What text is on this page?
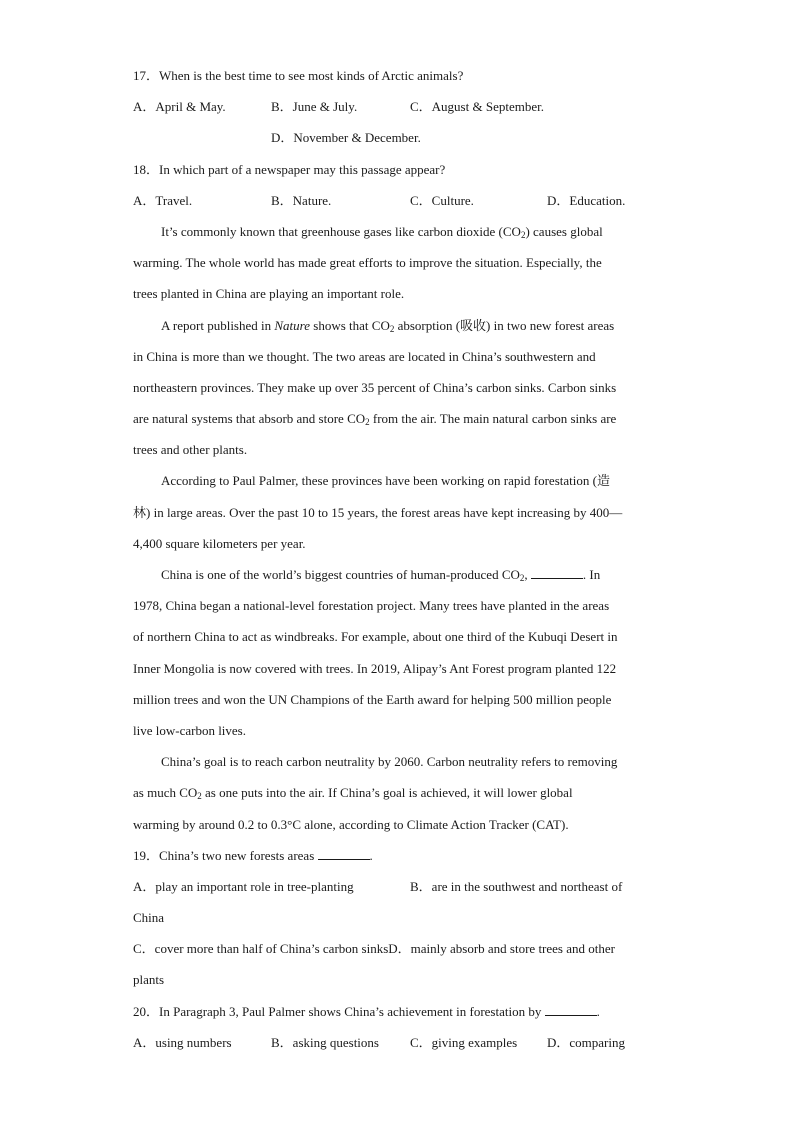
17．When is the best time to see most kinds of Arctic animals?
A．April & May.	B．June & July.	C．August & September.
D．November & December.
18．In which part of a newspaper may this passage appear?
A．Travel.	B．Nature.	C．Culture.	D．Education.
It’s commonly known that greenhouse gases like carbon dioxide $(CO_2)$ causes global
warming. The whole world has made great efforts to improve the situation. Especially, the
trees planted in China are playing an important role.
A report published in Nature shows that $CO_2$ absorption (吸收) in two new forest areas
in China is more than we thought. The two areas are located in China’s southwestern and
northeastern provinces. They make up over 35 percent of China’s carbon sinks. Carbon sinks
are natural systems that absorb and store $CO_2$ from the air. The main natural carbon sinks are
trees and other plants.
According to Paul Palmer, these provinces have been working on rapid forestation (造
林) in large areas. Over the past 10 to 15 years, the forest areas have kept increasing by 400—
4,400 square kilometers per year.
China is one of the world’s biggest countries of human-produced $CO_2$,	. In
1978, China began a national-level forestation project. Many trees have planted in the areas
of northern China to act as windbreaks. For example, about one third of the Kubuqi Desert in
Inner Mongolia is now covered with trees. In 2019, Alipay’s Ant Forest program planted 122
million trees and won the UN Champions of the Earth award for helping 500 million people
live low-carbon lives.
China’s goal is to reach carbon neutrality by 2060. Carbon neutrality refers to removing
as much $CO_2$ as one puts into the air. If China’s goal is achieved, it will lower global
warming by around 0.2 to 0.3°C alone, according to Climate Action Tracker (CAT).
19．China’s two new forests areas	.
A．play an important role in tree-planting	B．are in the southwest and northeast of
China
C．cover more than half of China’s carbon sinksD．mainly absorb and store trees and other
plants
20．In Paragraph 3, Paul Palmer shows China’s achievement in forestation by	.
A．using numbers	B．asking questions C．giving examples D．comparing
